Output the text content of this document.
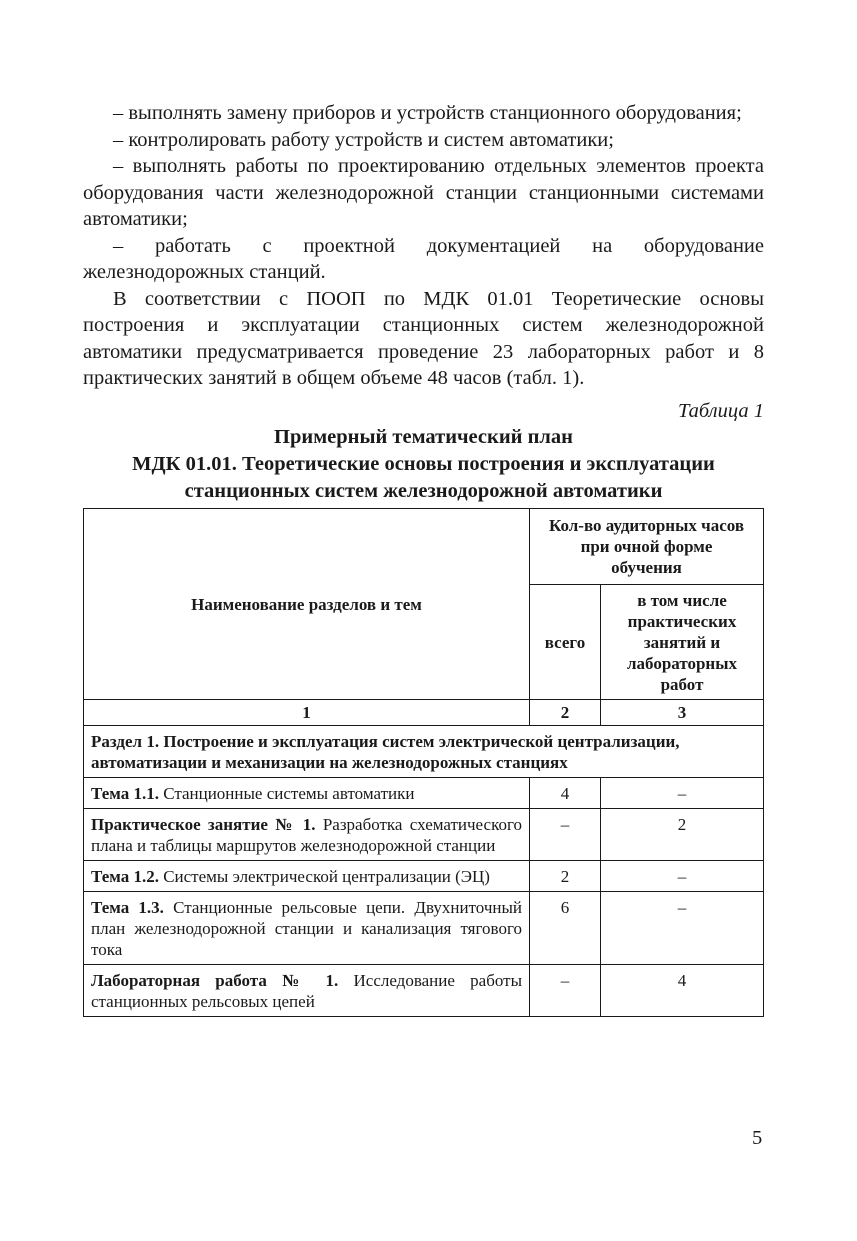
– выполнять замену приборов и устройств станционного оборудования;

– контролировать работу устройств и систем автоматики;

– выполнять работы по проектированию отдельных элементов проекта оборудования части железнодорожной станции станционными системами автоматики;

– работать с проектной документацией на оборудование железнодорожных станций.

В соответствии с ПООП по МДК 01.01 Теоретические основы построения и эксплуатации станционных систем железнодорожной автоматики предусматривается проведение 23 лабораторных работ и 8 практических занятий в общем объеме 48 часов (табл. 1).

Таблица 1
Примерный тематический план
МДК 01.01. Теоретические основы построения и эксплуатации
станционных систем железнодорожной автоматики
Наименование разделов и тем	Кол-во аудиторных часов при очной форме обучения	
	всего	в том числе практических занятий и лабораторных работ
1	2	3
Раздел 1. Построение и эксплуатация систем электрической централизации, автоматизации и механизации на железнодорожных станциях		
Тема 1.1. Станционные системы автоматики	4	–
Практическое занятие № 1. Разработка схематического плана и таблицы маршрутов железнодорожной станции	–	2
Тема 1.2. Системы электрической централизации (ЭЦ)	2	–
Тема 1.3. Станционные рельсовые цепи. Двухниточный план железнодорожной станции и канализация тягового тока	6	–
Лабораторная работа № 1. Исследование работы станционных рельсовых цепей	–	4
5
